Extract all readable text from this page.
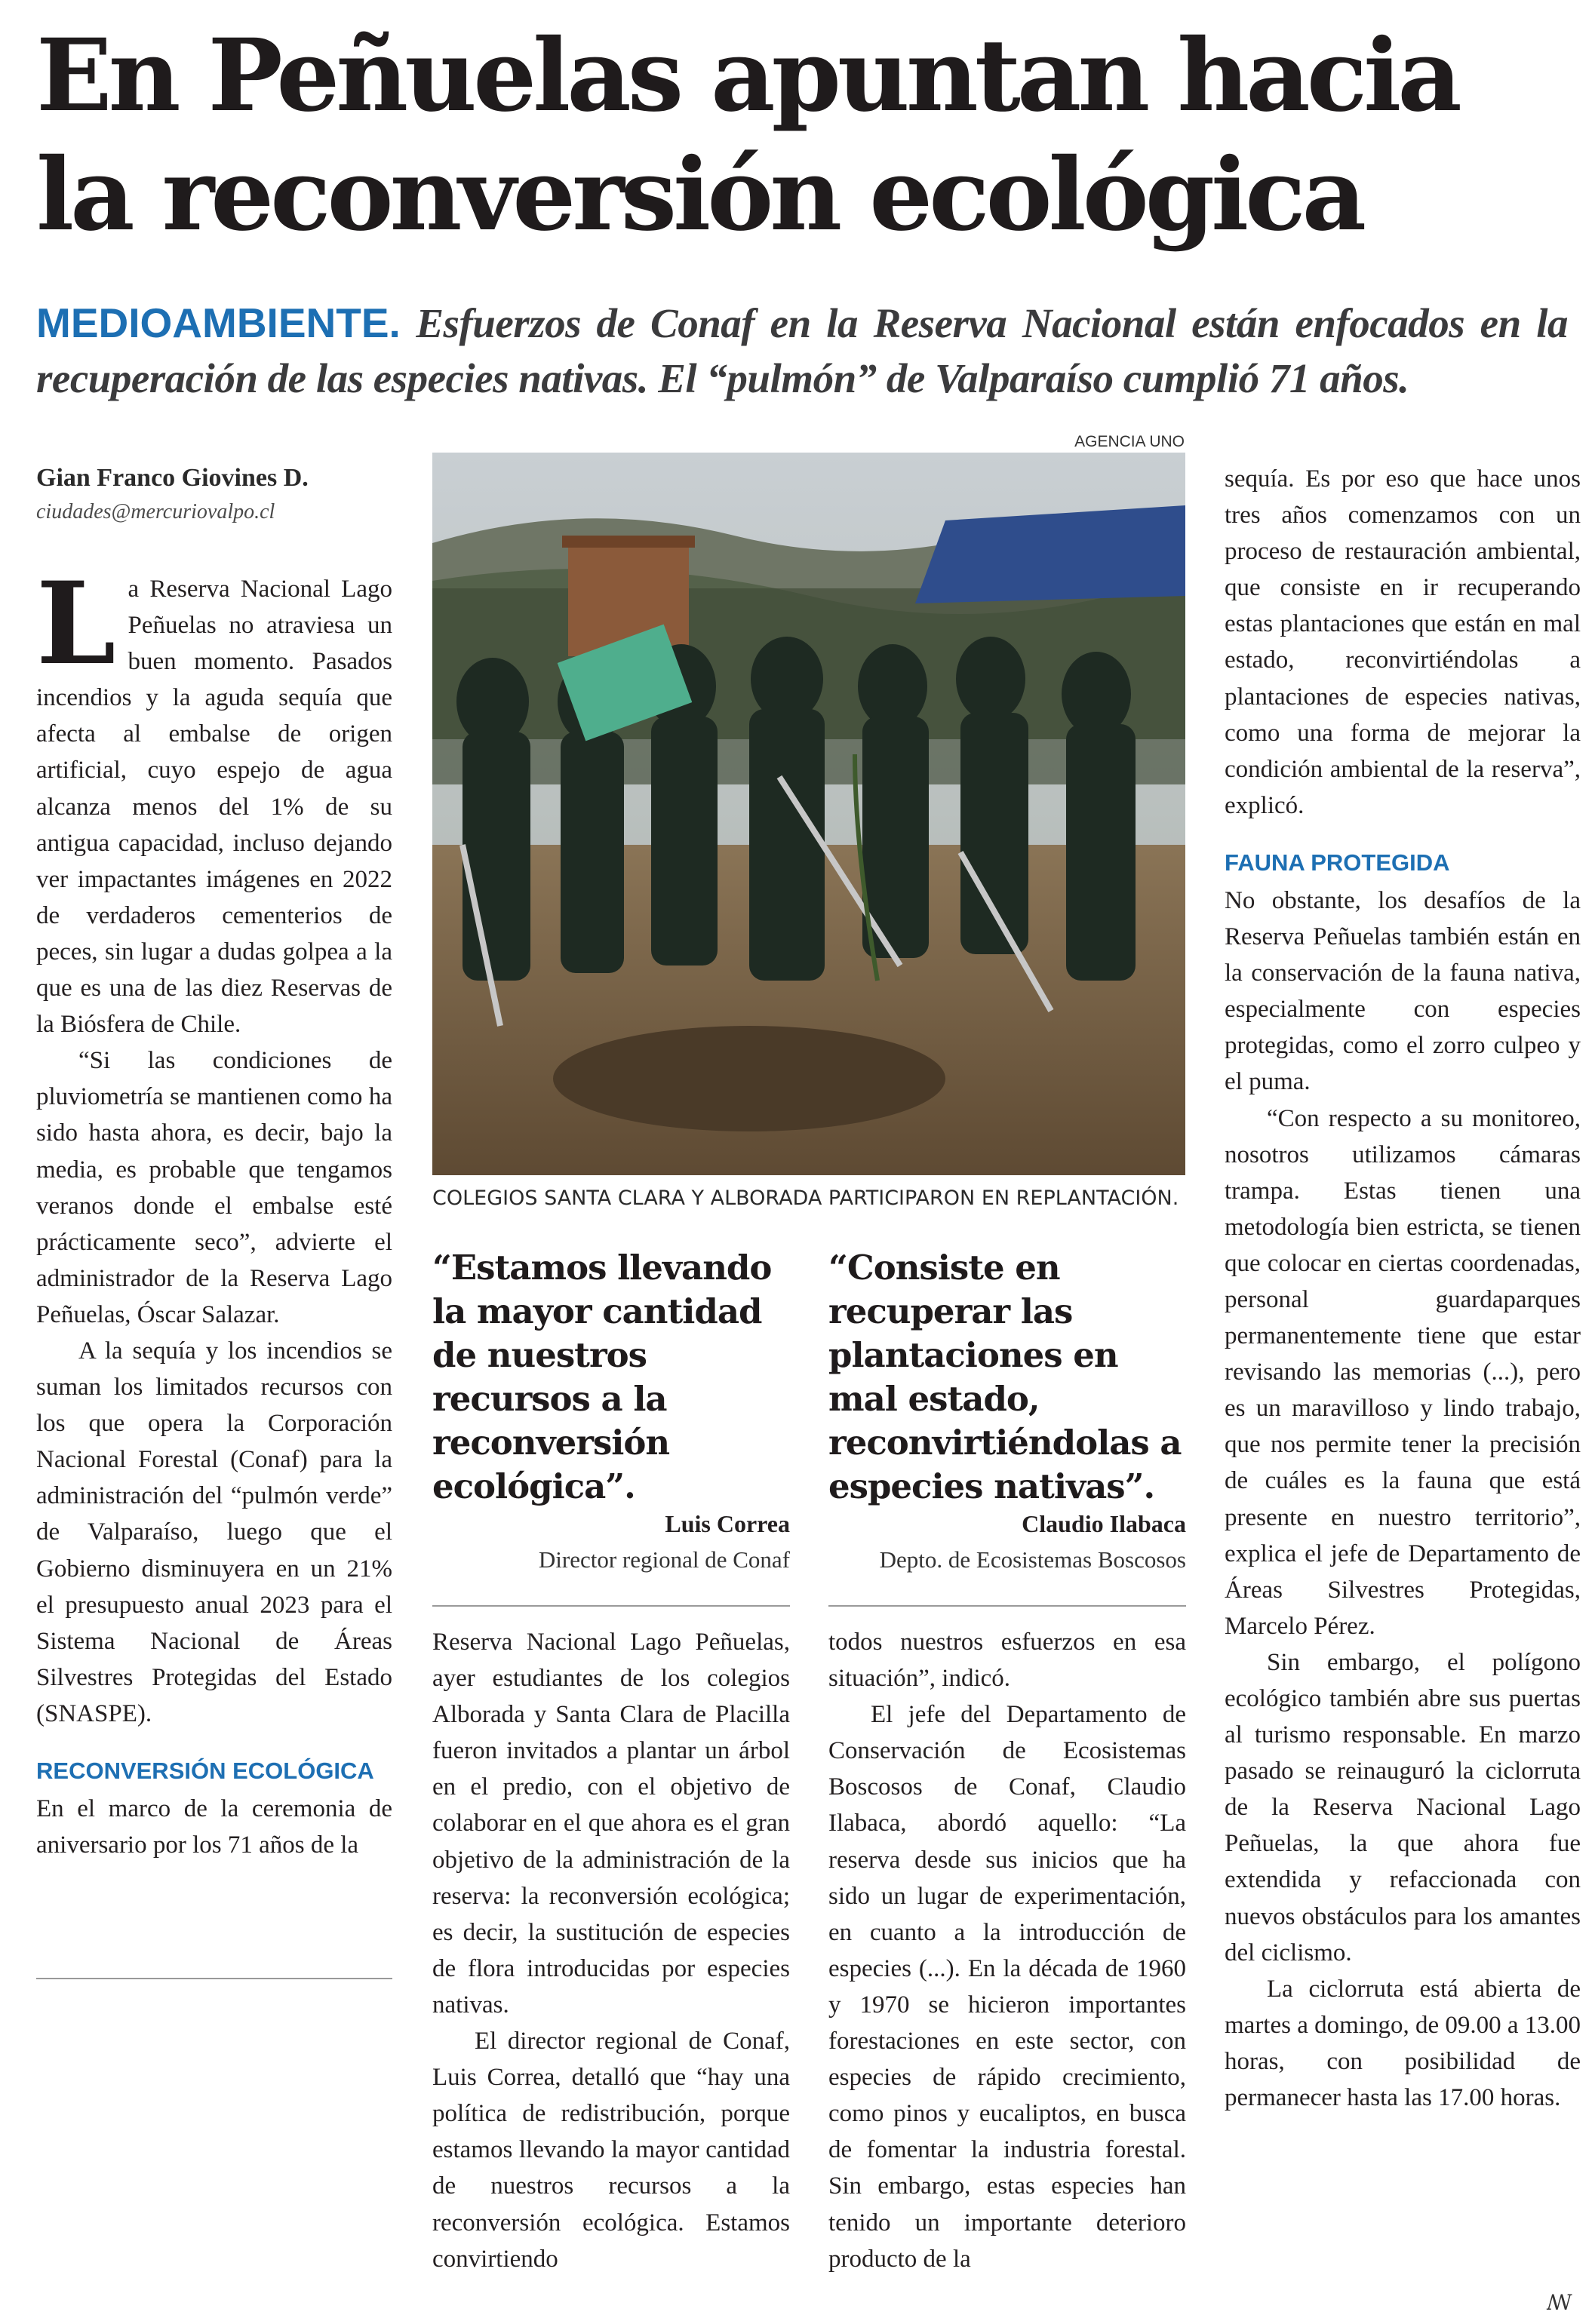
En Peñuelas apuntan hacia la reconversión ecológica
MEDIOAMBIENTE. Esfuerzos de Conaf en la Reserva Nacional están enfocados en la recuperación de las especies nativas. El “pulmón” de Valparaíso cumplió 71 años.
Gian Franco Giovines D.
ciudades@mercuriovalpo.cl

La Reserva Nacional Lago Peñuelas no atraviesa un buen momento. Pasados incendios y la aguda sequía que afecta al embalse de origen artificial, cuyo espejo de agua alcanza menos del 1% de su antigua capacidad, incluso dejando ver impactantes imágenes en 2022 de verdaderos cementerios de peces, sin lugar a dudas golpea a la que es una de las diez Reservas de la Biósfera de Chile.

“Si las condiciones de pluviometría se mantienen como ha sido hasta ahora, es decir, bajo la media, es probable que tengamos veranos donde el embalse esté prácticamente seco”, advierte el administrador de la Reserva Lago Peñuelas, Óscar Salazar.

A la sequía y los incendios se suman los limitados recursos con los que opera la Corporación Nacional Forestal (Conaf) para la administración del “pulmón verde” de Valparaíso, luego que el Gobierno disminuyera en un 21% el presupuesto anual 2023 para el Sistema Nacional de Áreas Silvestres Protegidas del Estado (SNASPE).

RECONVERSIÓN ECOLÓGICA

En el marco de la ceremonia de aniversario por los 71 años de la

AGENCIA UNO
COLEGIOS SANTA CLARA Y ALBORADA PARTICIPARON EN REPLANTACIÓN.
“Estamos llevando la mayor cantidad de nuestros recursos a la reconversión ecológica”.
Luis Correa
Director regional de Conaf
“Consiste en recuperar las plantaciones en mal estado, reconvirtiéndolas a especies nativas”.
Claudio Ilabaca
Depto. de Ecosistemas Boscosos

Reserva Nacional Lago Peñuelas, ayer estudiantes de los colegios Alborada y Santa Clara de Placilla fueron invitados a plantar un árbol en el predio, con el objetivo de colaborar en el que ahora es el gran objetivo de la administración de la reserva: la reconversión ecológica; es decir, la sustitución de especies de flora introducidas por especies nativas.

El director regional de Conaf, Luis Correa, detalló que “hay una política de redistribución, porque estamos llevando la mayor cantidad de nuestros recursos a la reconversión ecológica. Estamos convirtiendo

todos nuestros esfuerzos en esa situación”, indicó.

El jefe del Departamento de Conservación de Ecosistemas Boscosos de Conaf, Claudio Ilabaca, abordó aquello: “La reserva desde sus inicios que ha sido un lugar de experimentación, en cuanto a la introducción de especies (...). En la década de 1960 y 1970 se hicieron importantes forestaciones en este sector, con especies de rápido crecimiento, como pinos y eucaliptos, en busca de fomentar la industria forestal. Sin embargo, estas especies han tenido un importante deterioro producto de la

sequía. Es por eso que hace unos tres años comenzamos con un proceso de restauración ambiental, que consiste en ir recuperando estas plantaciones que están en mal estado, reconvirtiéndolas a plantaciones de especies nativas, como una forma de mejorar la condición ambiental de la reserva”, explicó.

FAUNA PROTEGIDA

No obstante, los desafíos de la Reserva Peñuelas también están en la conservación de la fauna nativa, especialmente con especies protegidas, como el zorro culpeo y el puma.

“Con respecto a su monitoreo, nosotros utilizamos cámaras trampa. Estas tienen una metodología bien estricta, se tienen que colocar en ciertas coordenadas, personal guardaparques permanentemente tiene que estar revisando las memorias (...), pero es un maravilloso y lindo trabajo, que nos permite tener la precisión de cuáles es la fauna que está presente en nuestro territorio”, explica el jefe de Departamento de Áreas Silvestres Protegidas, Marcelo Pérez.

Sin embargo, el polígono ecológico también abre sus puertas al turismo responsable. En marzo pasado se reinauguró la ciclorruta de la Reserva Nacional Lago Peñuelas, la que ahora fue extendida y refaccionada con nuevos obstáculos para los amantes del ciclismo.

La ciclorruta está abierta de martes a domingo, de 09.00 a 13.00 horas, con posibilidad de permanecer hasta las 17.00 horas.

ꟿ
